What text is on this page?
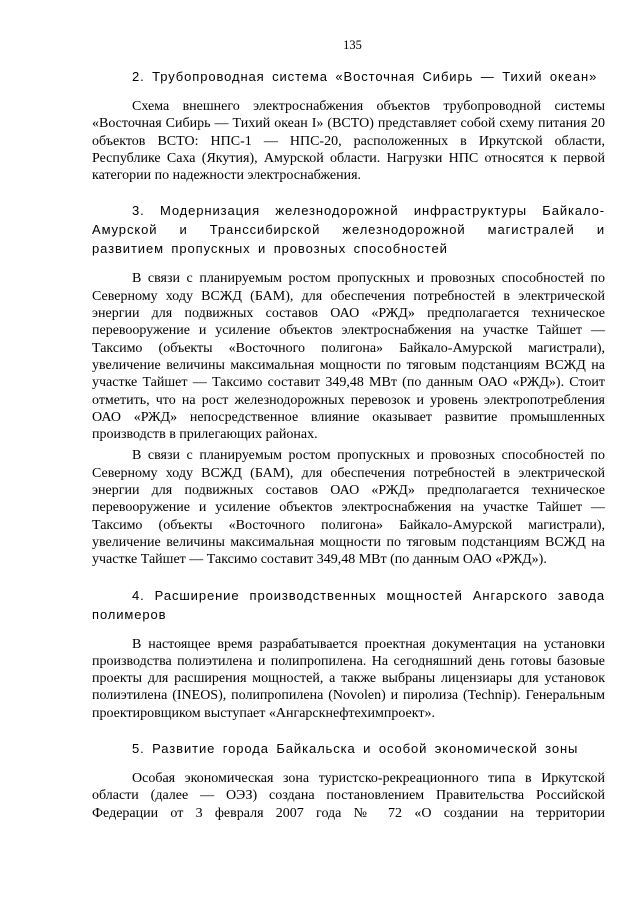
135
2. Трубопроводная система «Восточная Сибирь — Тихий океан»

Схема внешнего электроснабжения объектов трубопроводной системы «Восточная Сибирь — Тихий океан I» (ВСТО) представляет собой схему питания 20 объектов ВСТО: НПС-1 — НПС-20, расположенных в Иркутской области, Республике Саха (Якутия), Амурской области. Нагрузки НПС относятся к первой категории по надежности электроснабжения.

3. Модернизация железнодорожной инфраструктуры Байкало-Амурской и Транссибирской железнодорожной магистралей и развитием пропускных и провозных способностей

В связи с планируемым ростом пропускных и провозных способностей по Северному ходу ВСЖД (БАМ), для обеспечения потребностей в электрической энергии для подвижных составов ОАО «РЖД» предполагается техническое перевооружение и усиление объектов электроснабжения на участке Тайшет — Таксимо (объекты «Восточного полигона» Байкало-Амурской магистрали), увеличение величины максимальная мощности по тяговым подстанциям ВСЖД на участке Тайшет — Таксимо составит 349,48 МВт (по данным ОАО «РЖД»). Стоит отметить, что на рост железнодорожных перевозок и уровень электропотребления ОАО «РЖД» непосредственное влияние оказывает развитие промышленных производств в прилегающих районах.

В связи с планируемым ростом пропускных и провозных способностей по Северному ходу ВСЖД (БАМ), для обеспечения потребностей в электрической энергии для подвижных составов ОАО «РЖД» предполагается техническое перевооружение и усиление объектов электроснабжения на участке Тайшет — Таксимо (объекты «Восточного полигона» Байкало-Амурской магистрали), увеличение величины максимальная мощности по тяговым подстанциям ВСЖД на участке Тайшет — Таксимо составит 349,48 МВт (по данным ОАО «РЖД»).

4. Расширение производственных мощностей Ангарского завода полимеров

В настоящее время разрабатывается проектная документация на установки производства полиэтилена и полипропилена. На сегодняшний день готовы базовые проекты для расширения мощностей, а также выбраны лицензиары для установок полиэтилена (INEOS), полипропилена (Novolen) и пиролиза (Technip). Генеральным проектировщиком выступает «Ангарскнефтехимпроект».

5. Развитие города Байкальска и особой экономической зоны

Особая экономическая зона туристско-рекреационного типа в Иркутской области (далее — ОЭЗ) создана постановлением Правительства Российской Федерации от 3 февраля 2007 года № 72 «О создании на территории
